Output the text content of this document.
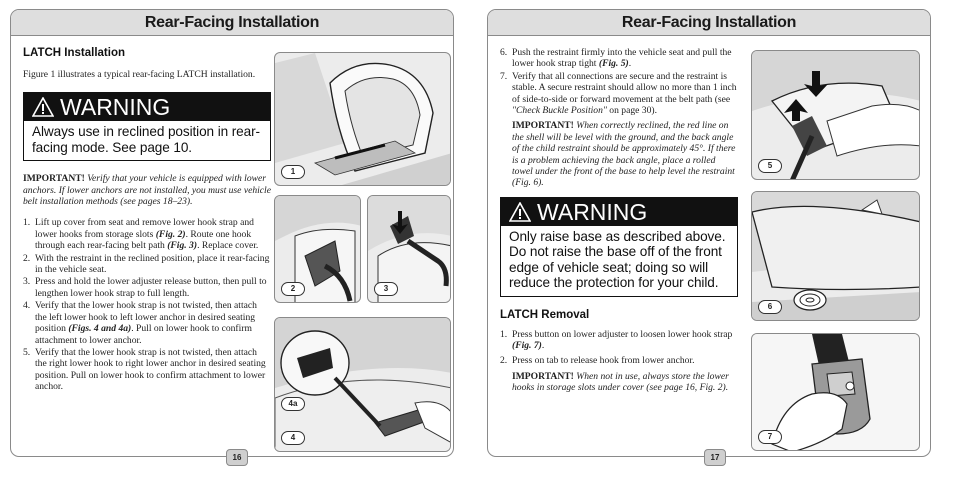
Rear-Facing Installation
LATCH Installation
Figure 1 illustrates a typical rear-facing LATCH installation.
WARNING
Always use in reclined position in rear-facing mode. See page 10.
IMPORTANT! Verify that your vehicle is equipped with lower anchors. If lower anchors are not installed, you must use vehicle belt installation methods (see pages 18–23).
1. Lift up cover from seat and remove lower hook strap and lower hooks from storage slots (Fig. 2). Route one hook through each rear-facing belt path (Fig. 3). Replace cover.
2. With the restraint in the reclined position, place it rear-facing in the vehicle seat.
3. Press and hold the lower adjuster release button, then pull to lengthen lower hook strap to full length.
4. Verify that the lower hook strap is not twisted, then attach the left lower hook to left lower anchor in desired seating position (Figs. 4 and 4a). Pull on lower hook to confirm attachment to lower anchor.
5. Verify that the lower hook strap is not twisted, then attach the right lower hook to right lower anchor in desired seating position. Pull on lower hook to confirm attachment to lower anchor.
1
2	3
4a
4
16
Rear-Facing Installation
6. Push the restraint firmly into the vehicle seat and pull the lower hook strap tight (Fig. 5).
7. Verify that all connections are secure and the restraint is stable. A secure restraint should allow no more than 1 inch of side-to-side or forward movement at the belt path (see "Check Buckle Position" on page 30).
IMPORTANT! When correctly reclined, the red line on the shell will be level with the ground, and the back angle of the child restraint should be approximately 45°. If there is a problem achieving the back angle, place a rolled towel under the front of the base to help level the restraint (Fig. 6).
WARNING
Only raise base as described above. Do not raise the base off of the front edge of vehicle seat; doing so will reduce the protection for your child.
LATCH Removal
1. Press button on lower adjuster to loosen lower hook strap (Fig. 7).
2. Press on tab to release hook from lower anchor.
IMPORTANT! When not in use, always store the lower hooks in storage slots under cover (see page 16, Fig. 2).
5
6
7
17
